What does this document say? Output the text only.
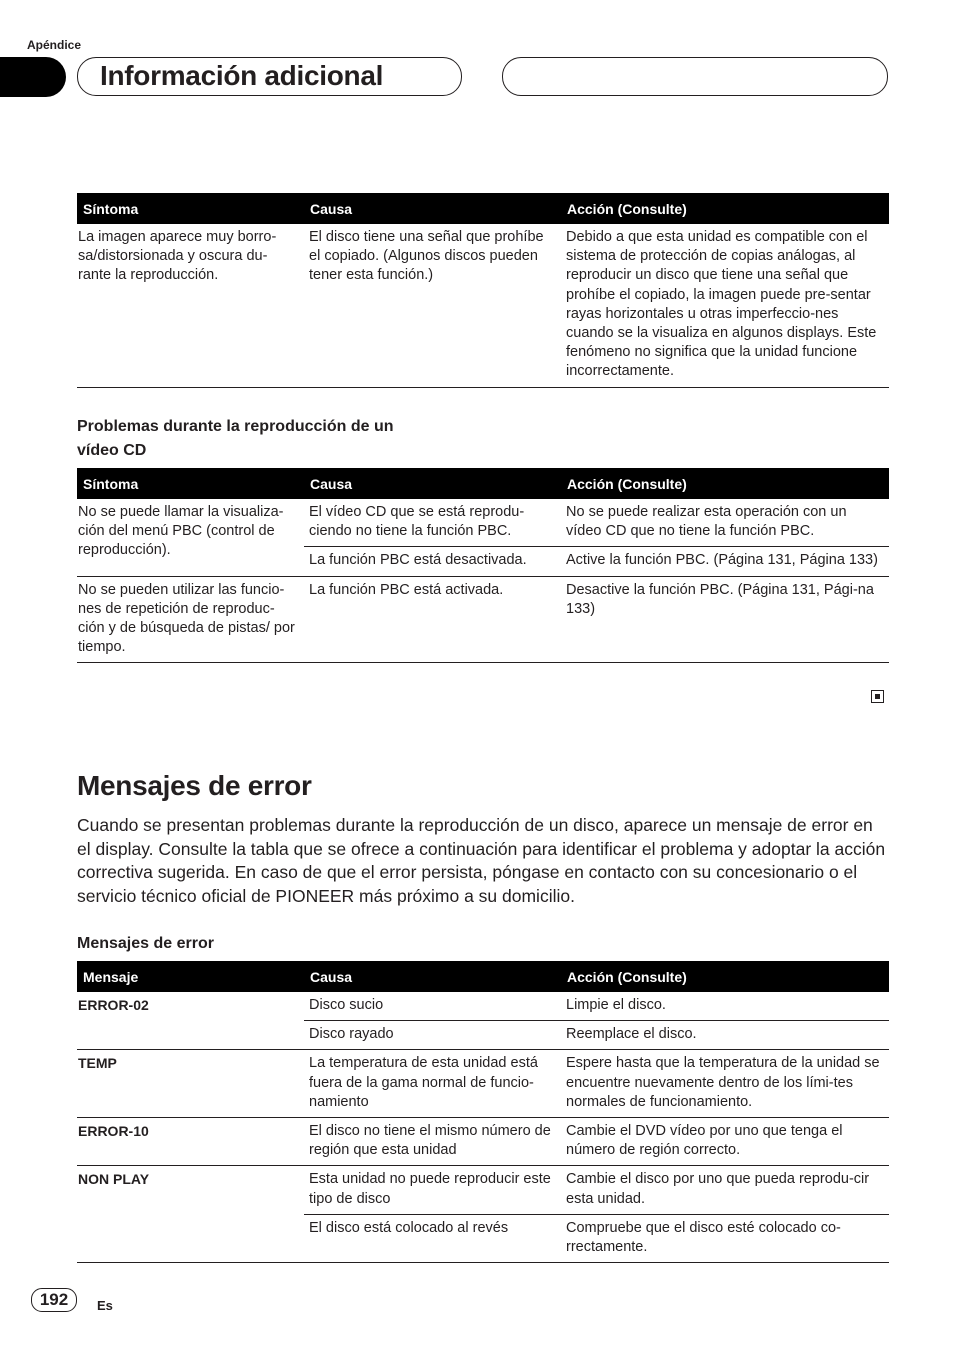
Apéndice
Información adicional
Síntoma	Causa	Acción (Consulte)
La imagen aparece muy borro-sa/distorsionada y oscura du-rante la reproducción.	El disco tiene una señal que prohíbe el copiado. (Algunos discos pueden tener esta función.)	Debido a que esta unidad es compatible con el sistema de protección de copias análogas, al reproducir un disco que tiene una señal que prohíbe el copiado, la imagen puede pre-sentar rayas horizontales u otras imperfeccio-nes cuando se la visualiza en algunos displays. Este fenómeno no significa que la unidad funcione incorrectamente.
Problemas durante la reproducción de un
vídeo CD
Síntoma	Causa	Acción (Consulte)
No se puede llamar la visualiza-ción del menú PBC (control de reproducción).	El vídeo CD que se está reprodu-ciendo no tiene la función PBC.	No se puede realizar esta operación con un vídeo CD que no tiene la función PBC.
	La función PBC está desactivada.	Active la función PBC. (Página 131, Página 133)
No se pueden utilizar las funcio-nes de repetición de reproduc-ción y de búsqueda de pistas/ por tiempo.	La función PBC está activada.	Desactive la función PBC. (Página 131, Pági-na 133)
Mensajes de error
Cuando se presentan problemas durante la reproducción de un disco, aparece un mensaje de error en el display. Consulte la tabla que se ofrece a continuación para identificar el problema y adoptar la acción correctiva sugerida. En caso de que el error persista, póngase en contacto con su concesionario o el servicio técnico oficial de PIONEER más próximo a su domicilio.
Mensajes de error
Mensaje	Causa	Acción (Consulte)
ERROR-02	Disco sucio	Limpie el disco.
	Disco rayado	Reemplace el disco.
TEMP	La temperatura de esta unidad está fuera de la gama normal de funcio-namiento	Espere hasta que la temperatura de la unidad se encuentre nuevamente dentro de los lími-tes normales de funcionamiento.
ERROR-10	El disco no tiene el mismo número de región que esta unidad	Cambie el DVD vídeo por uno que tenga el número de región correcto.
NON PLAY	Esta unidad no puede reproducir este tipo de disco	Cambie el disco por uno que pueda reprodu-cir esta unidad.
	El disco está colocado al revés	Compruebe que el disco esté colocado co-rrectamente.
192	Es
